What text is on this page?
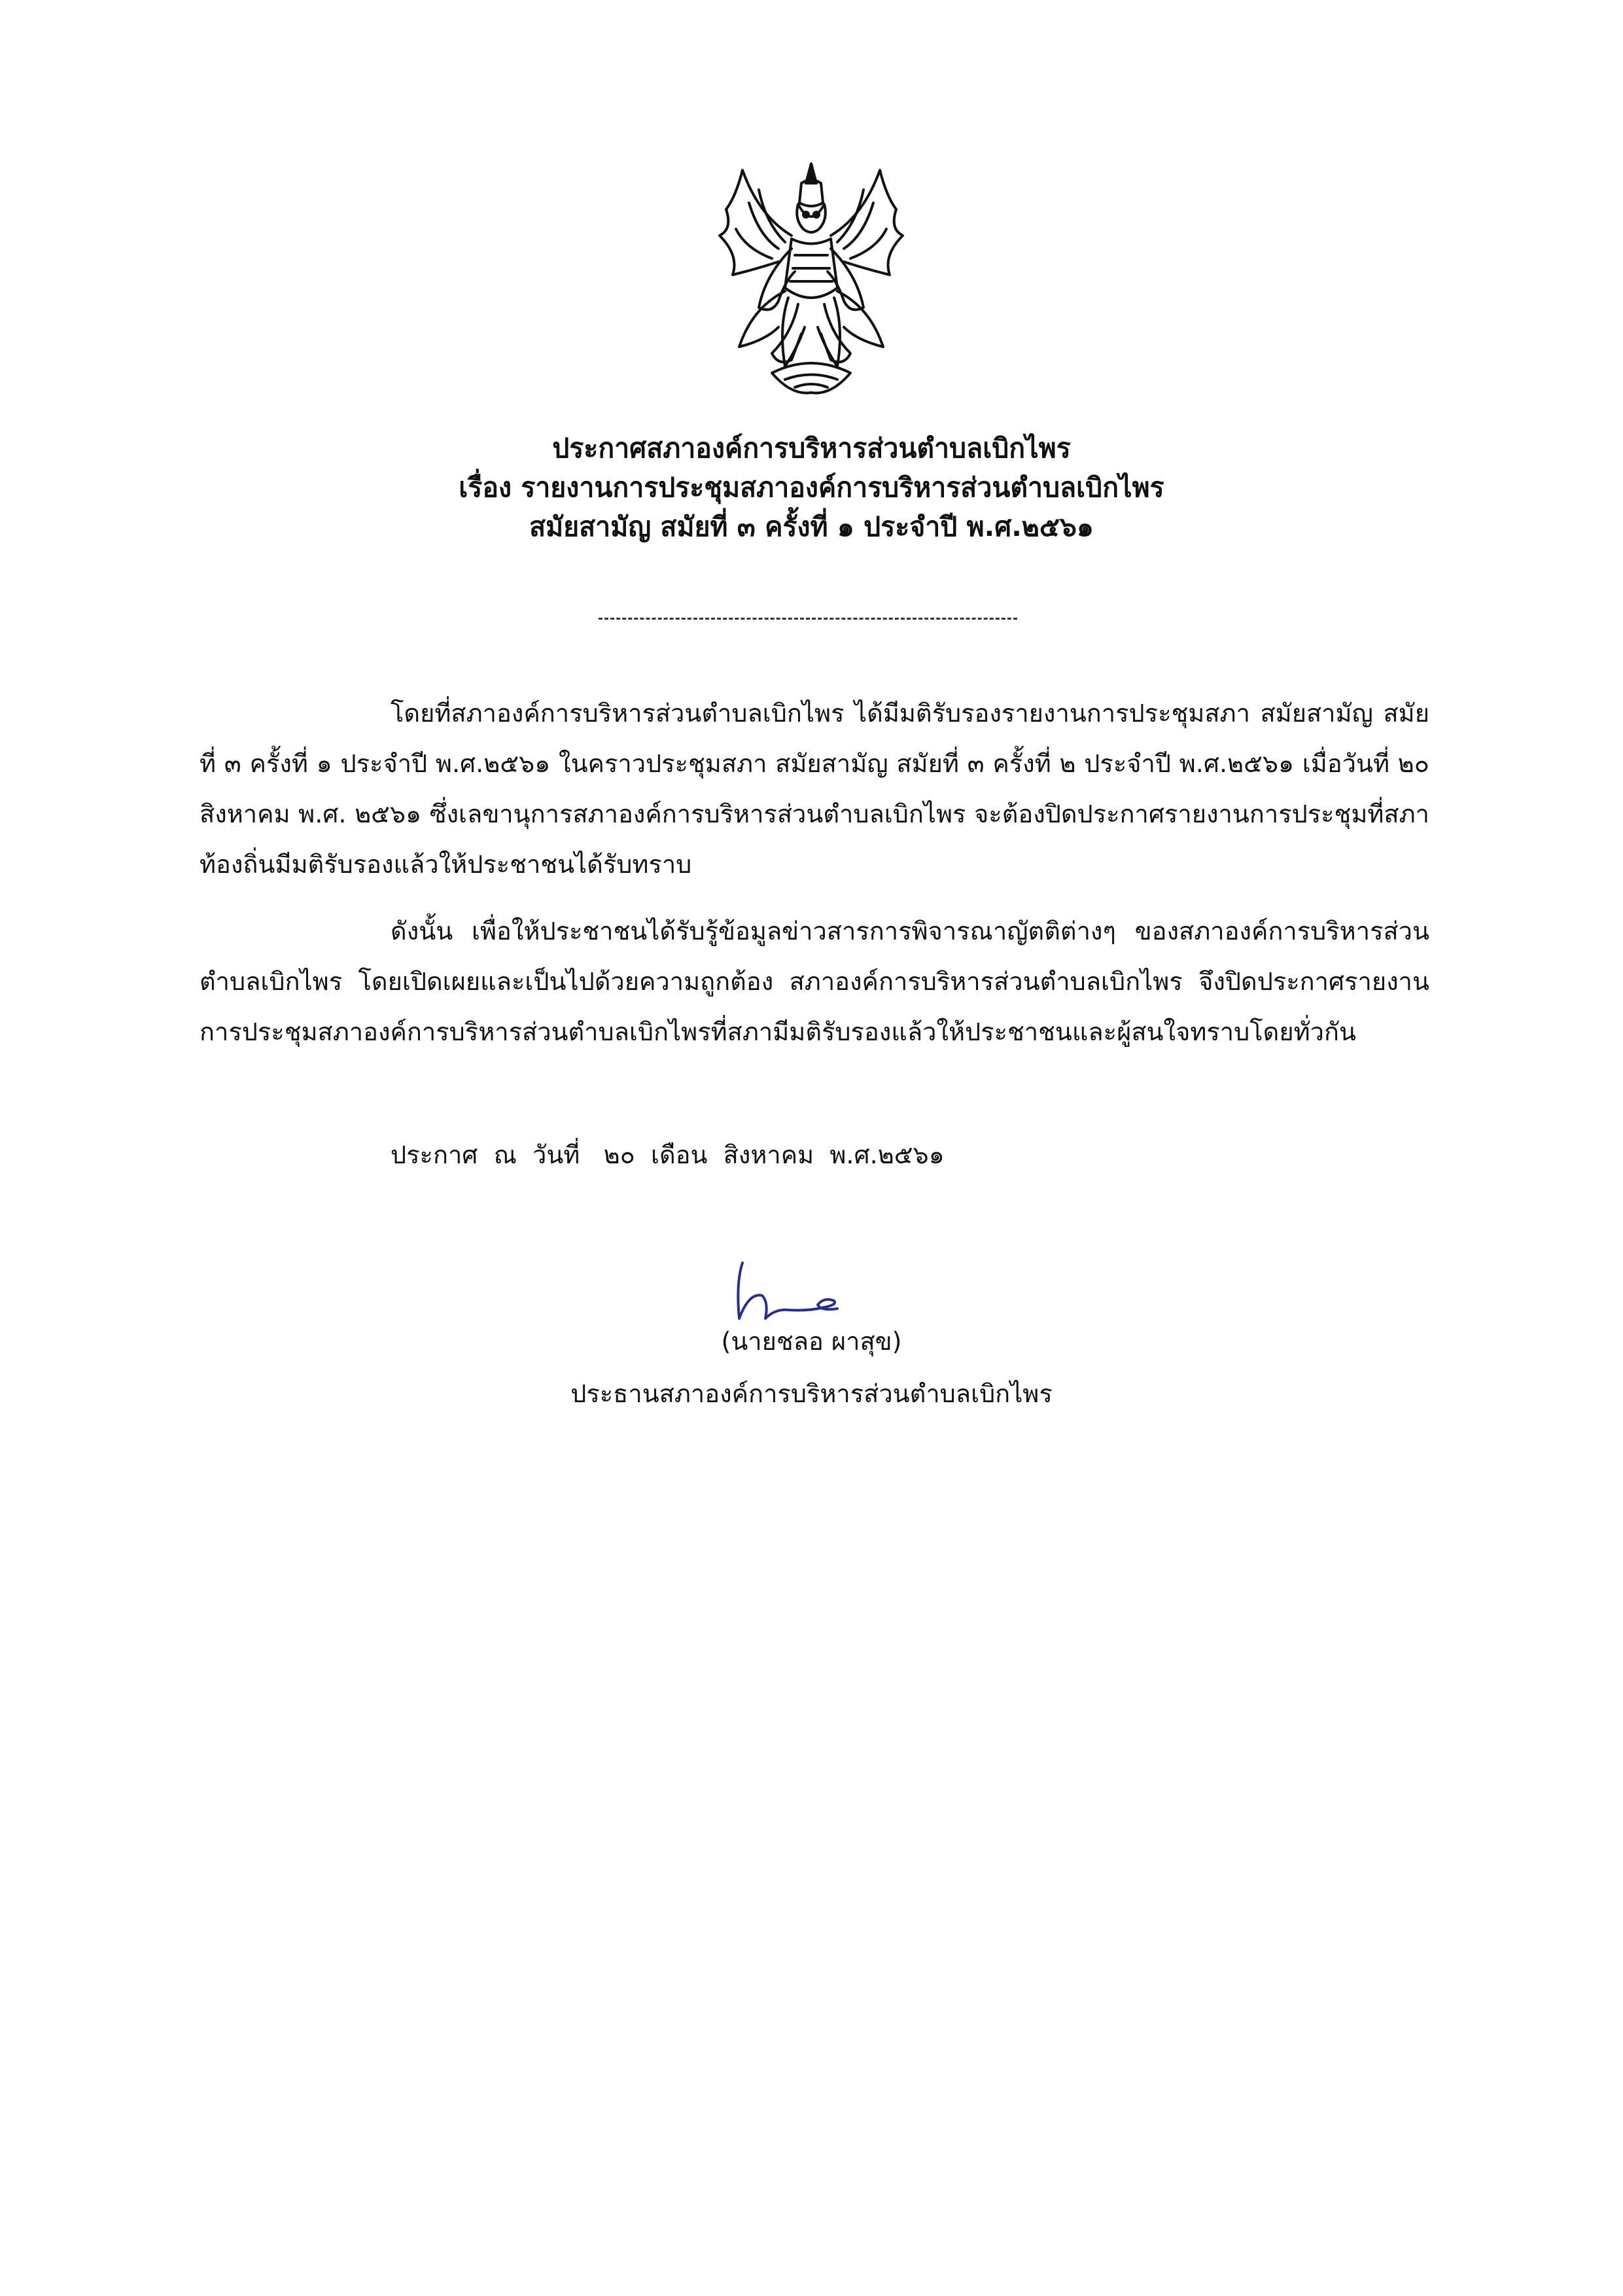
ประกาศสภาองค์การบริหารส่วนตำบลเบิกไพร
เรื่อง รายงานการประชุมสภาองค์การบริหารส่วนตำบลเบิกไพร
สมัยสามัญ สมัยที่ ๓ ครั้งที่ ๑ ประจำปี พ.ศ.๒๕๖๑
โดยที่สภาองค์การบริหารส่วนตำบลเบิกไพร ได้มีมติรับรองรายงานการประชุมสภา สมัยสามัญ สมัยที่ ๓ ครั้งที่ ๑ ประจำปี พ.ศ.๒๕๖๑ ในคราวประชุมสภา สมัยสามัญ สมัยที่ ๓ ครั้งที่ ๒ ประจำปี พ.ศ.๒๕๖๑ เมื่อวันที่ ๒๐ สิงหาคม พ.ศ. ๒๕๖๑ ซึ่งเลขานุการสภาองค์การบริหารส่วนตำบลเบิกไพร จะต้องปิดประกาศรายงานการประชุมที่สภาท้องถิ่นมีมติรับรองแล้วให้ประชาชนได้รับทราบ
ดังนั้น เพื่อให้ประชาชนได้รับรู้ข้อมูลข่าวสารการพิจารณาญัตติต่างๆ ของสภาองค์การบริหารส่วนตำบลเบิกไพร โดยเปิดเผยและเป็นไปด้วยความถูกต้อง สภาองค์การบริหารส่วนตำบลเบิกไพร จึงปิดประกาศรายงานการประชุมสภาองค์การบริหารส่วนตำบลเบิกไพรที่สภามีมติรับรองแล้วให้ประชาชนและผู้สนใจทราบโดยทั่วกัน
ประกาศ  ณ  วันที่   ๒๐  เดือน  สิงหาคม  พ.ศ.๒๕๖๑
(นายชลอ ผาสุข)
ประธานสภาองค์การบริหารส่วนตำบลเบิกไพร
